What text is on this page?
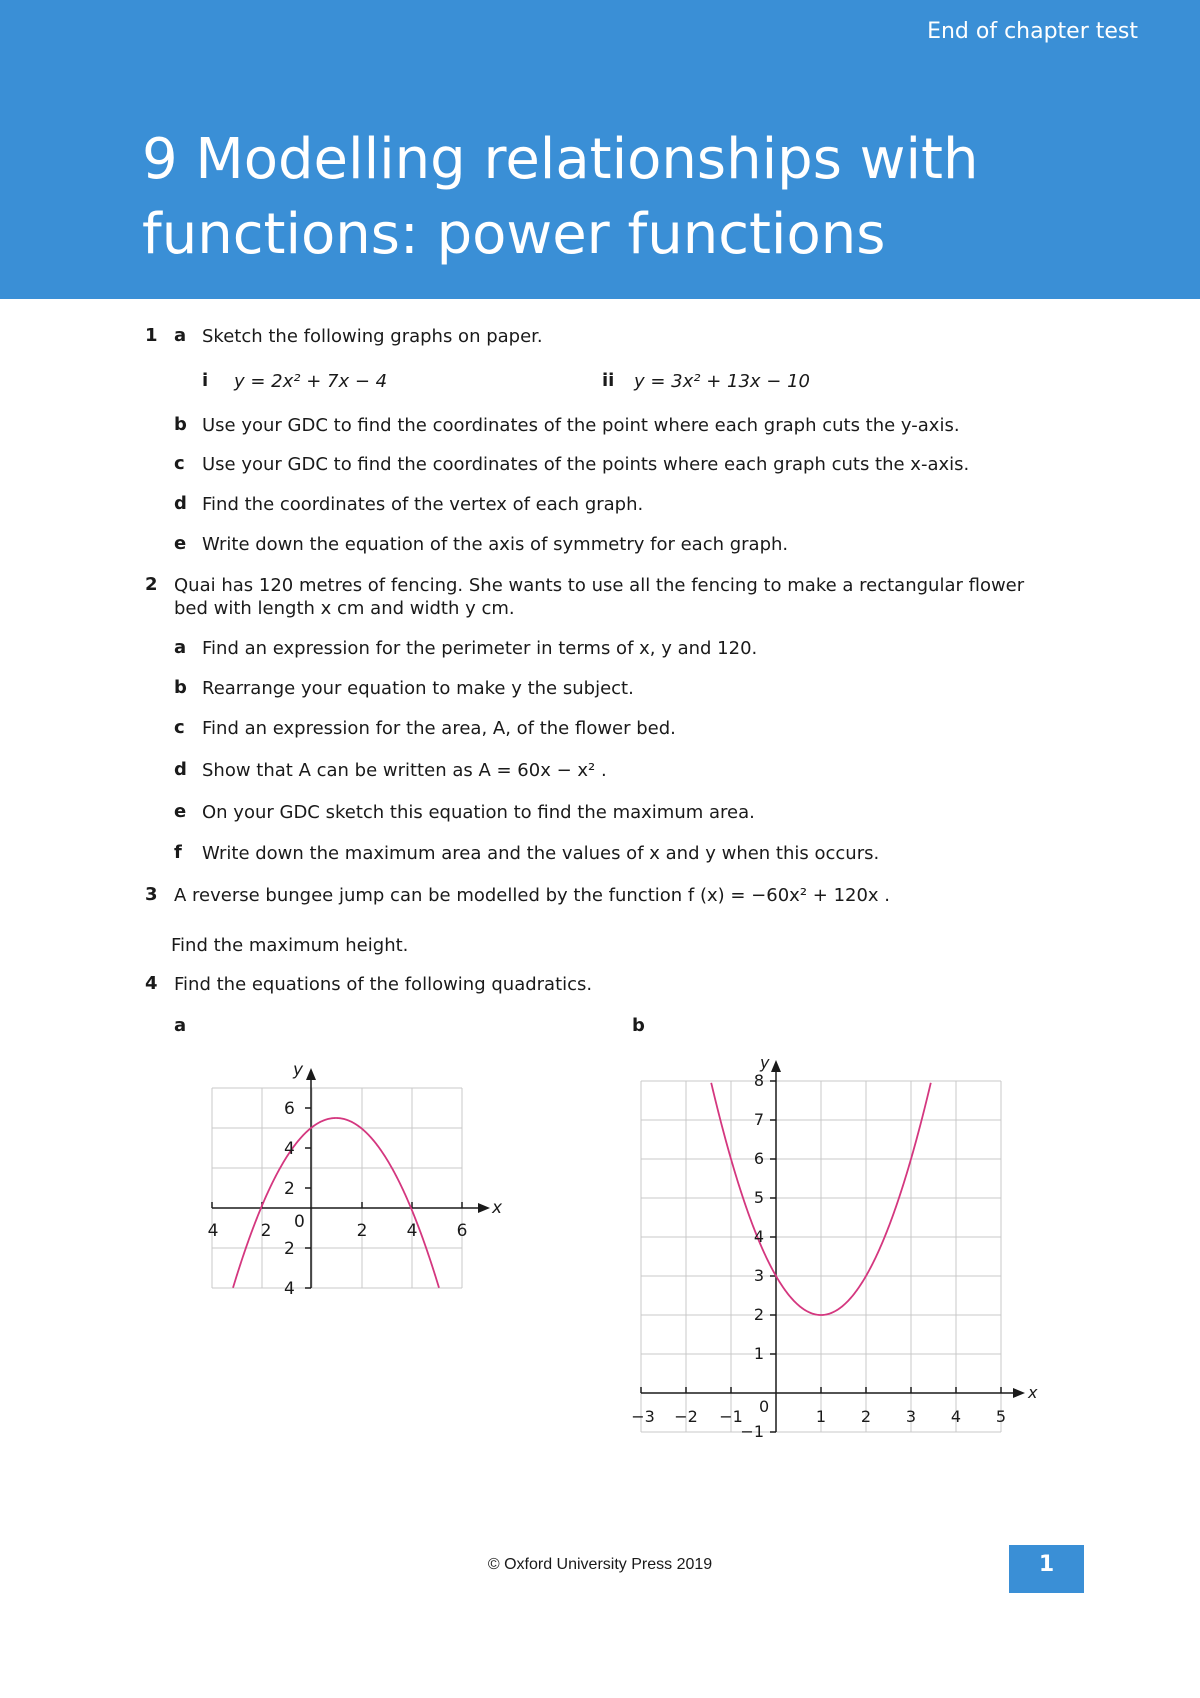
End of chapter test
9 Modelling relationships with
functions: power functions
1 a Sketch the following graphs on paper.
i y = 2x² + 7x − 4	ii y = 3x² + 13x − 10
b Use your GDC to find the coordinates of the point where each graph cuts the y-axis.
c Use your GDC to find the coordinates of the points where each graph cuts the x-axis.
d Find the coordinates of the vertex of each graph.
e Write down the equation of the axis of symmetry for each graph.
2 Quai has 120 metres of fencing. She wants to use all the fencing to make a rectangular flower
bed with length x cm and width y cm.
a Find an expression for the perimeter in terms of x, y and 120.
b Rearrange your equation to make y the subject.
c Find an expression for the area, A, of the flower bed.
d Show that A can be written as A = 60x − x² .
e On your GDC sketch this equation to find the maximum area.
f Write down the maximum area and the values of x and y when this occurs.
3 A reverse bungee jump can be modelled by the function f (x) = −60x² + 120x .
Find the maximum height.
4 Find the equations of the following quadratics.
a	b
x
y
6
4
2
2
4
0
4 2	2 4 6
x
y
8
7
6
5
4
3
2
1
−1
0
−3 −2 −1	1 2 3 4 5
© Oxford University Press 2019	1
